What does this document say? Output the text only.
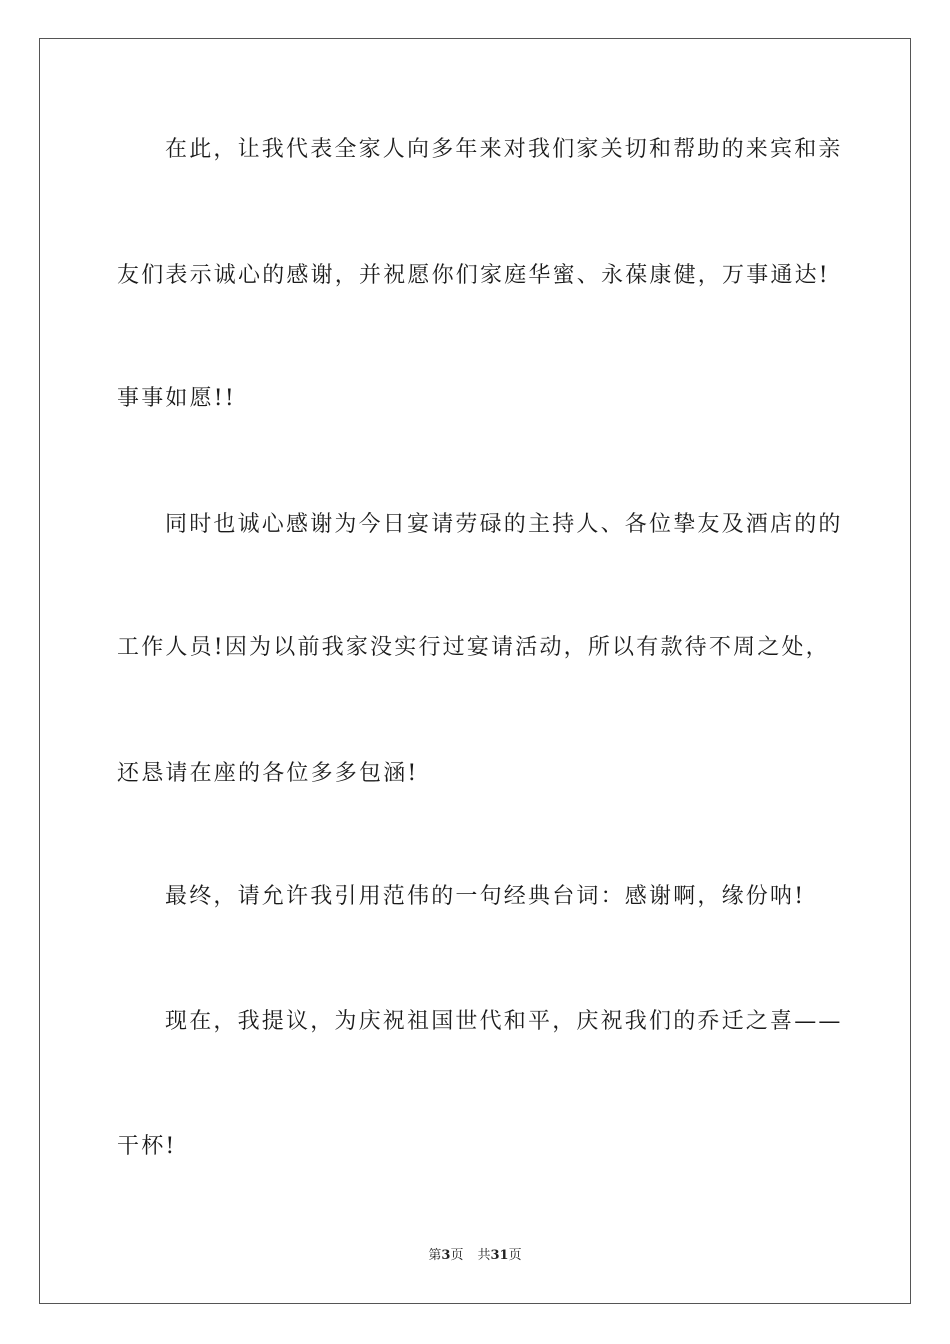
在此，让我代表全家人向多年来对我们家关切和帮助的来宾和亲
友们表示诚心的感谢，并祝愿你们家庭华蜜、永葆康健，万事通达!
事事如愿!!
同时也诚心感谢为今日宴请劳碌的主持人、各位挚友及酒店的的
工作人员!因为以前我家没实行过宴请活动，所以有款待不周之处，
还恳请在座的各位多多包涵!
最终，请允许我引用范伟的一句经典台词：感谢啊，缘份呐!
现在，我提议，为庆祝祖国世代和平，庆祝我们的乔迁之喜——
干杯!
第3页 共31页
